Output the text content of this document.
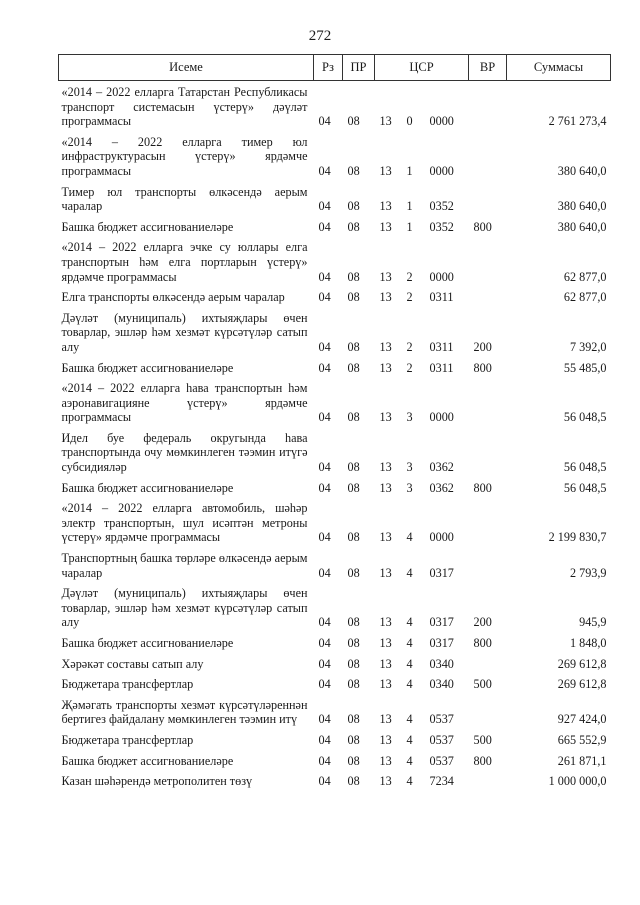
272
Исеме	Рз	ПР	ЦСР			ВР	Суммасы
«2014 – 2022 елларга Татарстан Республикасы транспорт системасын үстерү» дәүләт программасы	04	08	13	0	0000		2 761 273,4
«2014 – 2022 елларга тимер юл инфраструктурасын үстерү» ярдәмче программасы	04	08	13	1	0000		380 640,0
Тимер юл транспорты өлкәсендә аерым чаралар	04	08	13	1	0352		380 640,0
Башка бюджет ассигнованиеләре	04	08	13	1	0352	800	380 640,0
«2014 – 2022 елларга эчке су юллары елга транспортын һәм елга портларын үстерү» ярдәмче программасы	04	08	13	2	0000		62 877,0
Елга транспорты өлкәсендә аерым чаралар	04	08	13	2	0311		62 877,0
Дәүләт (муниципаль) ихтыяҗлары өчен товарлар, эшләр һәм хезмәт күрсәтүләр сатып алу	04	08	13	2	0311	200	7 392,0
Башка бюджет ассигнованиеләре	04	08	13	2	0311	800	55 485,0
«2014 – 2022 елларга һава транспортын һәм аэронавигацияне үстерү» ярдәмче программасы	04	08	13	3	0000		56 048,5
Идел буе федераль округында һава транспортында очу мөмкинлеген тәэмин итүгә субсидияләр	04	08	13	3	0362		56 048,5
Башка бюджет ассигнованиеләре	04	08	13	3	0362	800	56 048,5
«2014 – 2022 елларга автомобиль, шәһәр электр транспортын, шул исәптән метроны үстерү» ярдәмче программасы	04	08	13	4	0000		2 199 830,7
Транспортның башка төрләре өлкәсендә аерым чаралар	04	08	13	4	0317		2 793,9
Дәүләт (муниципаль) ихтыяҗлары өчен товарлар, эшләр һәм хезмәт күрсәтүләр сатып алу	04	08	13	4	0317	200	945,9
Башка бюджет ассигнованиеләре	04	08	13	4	0317	800	1 848,0
Хәрәкәт составы сатып алу	04	08	13	4	0340		269 612,8
Бюджетара трансфертлар	04	08	13	4	0340	500	269 612,8
Җәмәгать транспорты хезмәт күрсәтүләреннән бертигез файдалану мөмкинлеген тәэмин итү	04	08	13	4	0537		927 424,0
Бюджетара трансфертлар	04	08	13	4	0537	500	665 552,9
Башка бюджет ассигнованиеләре	04	08	13	4	0537	800	261 871,1
Казан шәһәрендә метрополитен төзү	04	08	13	4	7234		1 000 000,0
